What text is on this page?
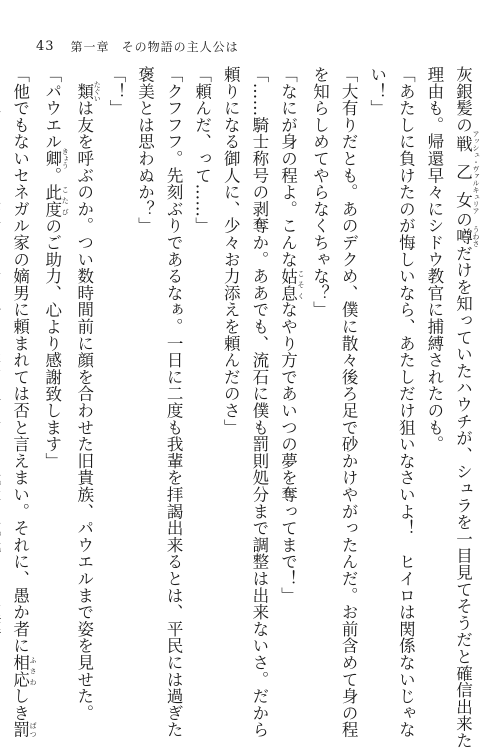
43 第一章 その物語の主人公は
灰銀髪の戦乙女 アッシュ・ヴァルキュリアの噂 うわさだけを知っていたハウチが、シュラを一目見てそうだと確信出来た
理由も。帰還早々にシドウ教官に捕縛されたのも。
「あたしに負けたのが悔しいなら、あたしだけ狙いなさいよ！　ヒイロは関係ないじゃな
い！」
「大有りだとも。あのデクめ、僕に散々後ろ足で砂かけやがったんだ。お前含めて身の程
を知らしめてやらなくちゃな？」
「なにが身の程よ。こんな姑息 こそくなやり方であいつの夢を奪ってまで！」
「……騎士称号の剥奪か。ああでも、流石に僕も罰則処分まで調整は出来ないさ。だから
頼りになる御人に、少々お力添えを頼んだのさ」
「頼んだ、って……」
「クフフフ。先刻ぶりであるなぁ。一日に二度も我輩を拝謁出来るとは、平民には過ぎた
褒美とは思わぬか？」
「！」
　類 たぐいは友を呼ぶのか。つい数時間前に顔を合わせた旧貴族、パウエルまで姿を見せた。
「パウエル卿 きょう。此度 こたびのご助力、心より感謝致します」
「他でもないセネガル家の嫡男に頼まれては否と言えまい。それに、愚か者に相応 ふさわしき罰 ばつ
